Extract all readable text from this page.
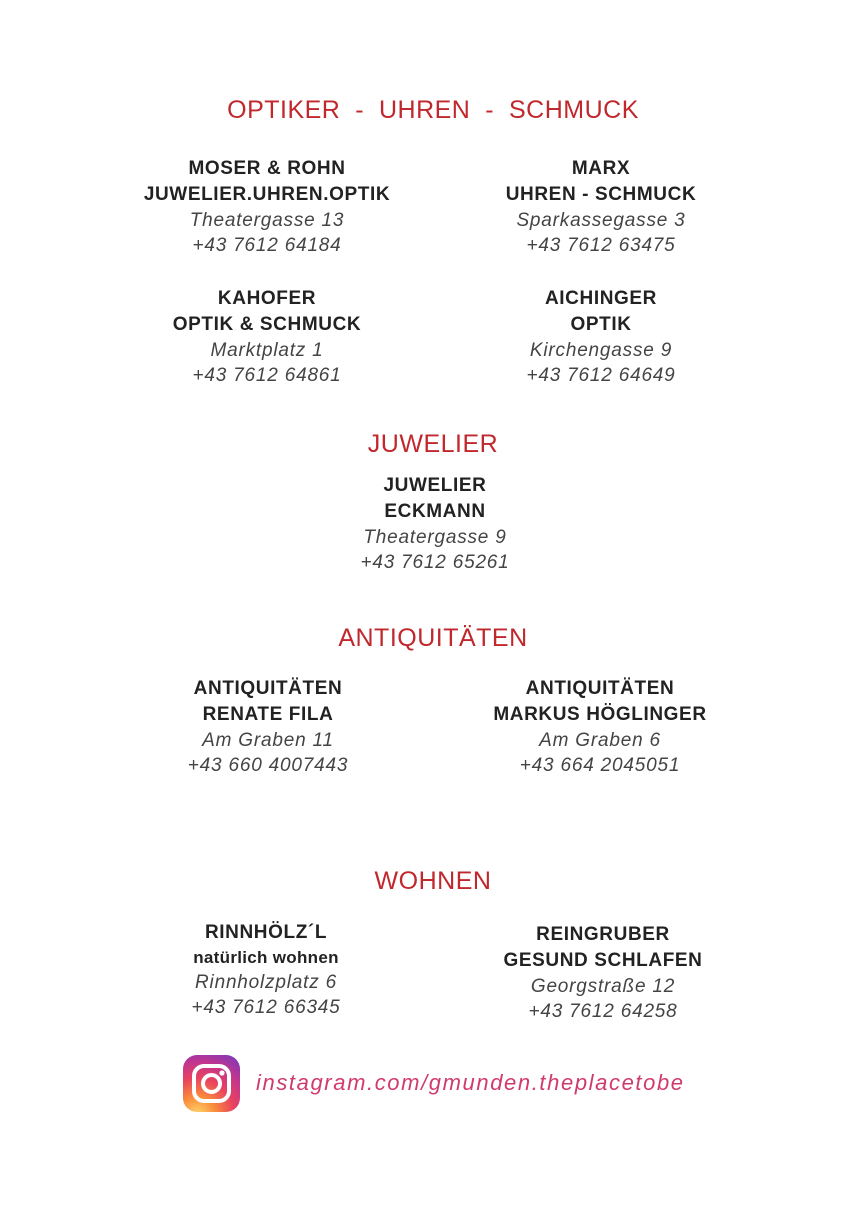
OPTIKER  -  UHREN  -  SCHMUCK
MOSER & ROHN
JUWELIER.UHREN.OPTIK
Theatergasse 13
+43 7612 64184
MARX
UHREN - SCHMUCK
Sparkassegasse 3
+43 7612 63475
KAHOFER
OPTIK & SCHMUCK
Marktplatz 1
+43 7612 64861
AICHINGER
OPTIK
Kirchengasse 9
+43 7612 64649
JUWELIER
JUWELIER
ECKMANN
Theatergasse 9
+43 7612 65261
ANTIQUITÄTEN
ANTIQUITÄTEN
RENATE FILA
Am Graben 11
+43 660 4007443
ANTIQUITÄTEN
MARKUS HÖGLINGER
Am Graben 6
+43 664 2045051
WOHNEN
RINNHÖLZ´L
natürlich wohnen
Rinnholzplatz 6
+43 7612 66345
REINGRUBER
GESUND SCHLAFEN
Georgstraße 12
+43 7612 64258
instagram.com/gmunden.theplacetobe
